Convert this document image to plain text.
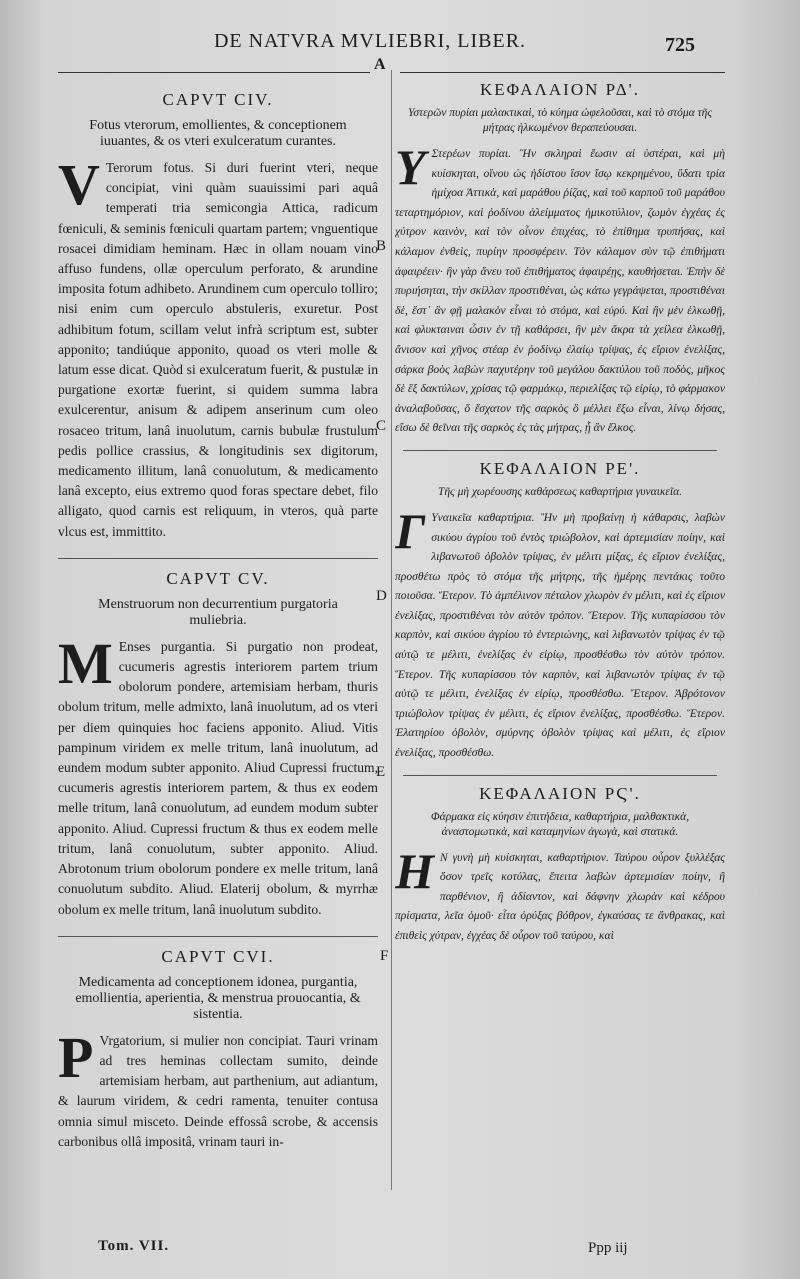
DE NATVRA MVLIEBRI, LIBER.	725
A
B
C
D
E
F
CAPVT CIV.
Fotus vterorum, emollientes, & conceptionem iuuantes, & os vteri exulceratum curantes.
V Terorum fotus. Si duri fuerint vteri, neque concipiat, vini quàm suauissimi pari aquâ temperati tria semicongia Attica, radicum fœniculi, & seminis fœniculi quartam partem; vnguentique rosacei dimidiam heminam. Hæc in ollam nouam vino affuso fundens, ollæ operculum perforato, & arundine imposita fotum adhibeto. Arundinem cum operculo tolliro; nisi enim cum operculo abstuleris, exuretur. Post adhibitum fotum, scillam velut infrà scriptum est, subter apponito; tandiúque apponito, quoad os vteri molle & latum esse dicat. Quòd si exulceratum fuerit, & pustulæ in purgatione exortæ fuerint, si quidem summa labra exulcerentur, anisum & adipem anserinum cum oleo rosaceo tritum, lanâ inuolutum, carnis bubulæ frustulum pedis pollice crassius, & longitudinis sex digitorum, medicamento illitum, lanâ conuolutum, & medicamento lanâ excepto, eius extremo quod foras spectare debet, filo alligato, quod carnis est reliquum, in vteros, quà parte vlcus est, immittito.
CAPVT CV.
Menstruorum non decurrentium purgatoria muliebria.
M Enses purgantia. Si purgatio non prodeat, cucumeris agrestis interiorem partem trium obolorum pondere, artemisiam herbam, thuris obolum tritum, melle admixto, lanâ inuolutum, ad os vteri per diem quinquies hoc faciens apponito. Aliud. Vitis pampinum viridem ex melle tritum, lanâ inuolutum, ad eundem modum subter apponito. Aliud Cupressi fructum, cucumeris agrestis interiorem partem, & thus ex eodem melle tritum, lanâ conuolutum, ad eundem modum subter apponito. Aliud. Cupressi fructum & thus ex eodem melle tritum, lanâ conuolutum, subter apponito. Aliud. Abrotonum trium obolorum pondere ex melle tritum, lanâ conuolutum subdito. Aliud. Elaterij obolum, & myrrhæ obolum ex melle tritum, lanâ inuolutum subdito.
CAPVT CVI.
Medicamenta ad conceptionem idonea, purgantia, emollientia, aperientia, & menstrua prouocantia, & sistentia.
P Vrgatorium, si mulier non concipiat. Tauri vrinam ad tres heminas collectam sumito, deinde artemisiam herbam, aut parthenium, aut adiantum, & laurum viridem, & cedri ramenta, tenuiter contusa omnia simul misceto. Deinde effossâ scrobe, & accensis carbonibus ollâ impositâ, vrinam tauri in-
ΚΕΦΑΛΑΙΟΝ ΡΔ'.
Υστερῶν πυρίαι μαλακτικαὶ, τὸ κύημα ὠφελοῦσαι, καὶ τὸ στόμα τῆς μήτρας ἡλκωμένον θεραπεύουσαι.
Υ Στερέων πυρίαι. Ἢν σκληραὶ ἔωσιν αἱ ὑστέραι, καὶ μὴ κυίσκηται, οἴνου ὡς ἡδίστου ἴσον ἴσῳ κεκρημένου, ὕδατι τρία ἡμίχοα Ἀττικὰ, καὶ μαράθου ῥίζας, καὶ τοῦ καρποῦ τοῦ μαράθου τεταρτημόριον, καὶ ῥοδίνου ἀλείμματος ἡμικοτύλιον, ζωμὸν ἐγχέας ἐς χύτρον καινὸν, καὶ τὸν οἶνον ἐπιχέας, τὸ ἐπίθημα τρυπήσας, καὶ κάλαμον ἐνθεὶς, πυρίην προσφέρειν. Τὸν κάλαμον σὺν τῷ ἐπιθήματι ἀφαιρέειν· ἢν γὰρ ἄνευ τοῦ ἐπιθήματος ἀφαιρέῃς, καυθήσεται. Ἐπὴν δὲ πυριήσηται, τὴν σκίλλαν προστιθέναι, ὡς κάτω γεγράψεται, προστιθέναι δὲ, ἔστ᾽ ἂν φῇ μαλακὸν εἶναι τὸ στόμα, καὶ εὐρύ. Καὶ ἢν μὲν ἑλκωθῇ, καὶ φλυκταιναι ὦσιν ἐν τῇ καθάρσει, ἢν μὲν ἄκρα τὰ χείλεα ἑλκωθῇ, ἄνισον καὶ χῆνος στέαρ ἐν ῥοδίνῳ ἐλαίῳ τρίψας, ἐς εἴριον ἐνελίξας, σάρκα βοὸς λαβὼν παχυτέρην τοῦ μεγάλου δακτύλου τοῦ ποδὸς, μῆκος δὲ ἓξ δακτύλων, χρίσας τῷ φαρμάκῳ, περιελίξας τῷ εἰρίῳ, τὸ φάρμακον ἀναλαβοῦσας, ὅ ἔσχατον τῆς σαρκὸς ὃ μέλλει ἔξω εἶναι, λίνῳ δήσας, εἴσω δὲ θεῖναι τῆς σαρκὸς ἐς τὰς μήτρας, ᾗ ἂν ἕλκος.
ΚΕΦΑΛΑΙΟΝ ΡΕ'.
Τῆς μὴ χωρέουσης καθάρσεως καθαρτήρια γυναικεῖα.
Γ Υναικεῖα καθαρτήρια. Ἢν μὴ προβαίνῃ ἡ κάθαρσις, λαβὼν σικύου ἀγρίου τοῦ ἐντὸς τριώβολον, καὶ ἀρτεμισίαν ποίην, καὶ λιβανωτοῦ ὀβολὸν τρίψας, ἐν μέλιτι μίξας, ἐς εἴριον ἐνελίξας, προσθέτω πρὸς τὸ στόμα τῆς μήτρης, τῆς ἡμέρης πεντάκις τοῦτο ποιοῦσα. Ἕτερον. Τὸ ἀμπέλινον πέταλον χλωρὸν ἐν μέλιτι, καὶ ἐς εἴριον ἐνελίξας, προστιθέναι τὸν αὐτὸν τρόπον. Ἕτερον. Τῆς κυπαρίσσου τὸν καρπὸν, καὶ σικύου ἀγρίου τὸ ἐντεριώνης, καὶ λιβανωτὸν τρίψας ἐν τῷ αὐτῷ τε μέλιτι, ἐνελίξας ἐν εἰρίῳ, προσθέσθω τὸν αὐτὸν τρόπον. Ἕτερον. Τῆς κυπαρίσσου τὸν καρπὸν, καὶ λιβανωτὸν τρίψας ἐν τῷ αὐτῷ τε μέλιτι, ἐνελίξας ἐν εἰρίῳ, προσθέσθω. Ἕτερον. Ἀβρότονον τριώβολον τρίψας ἐν μέλιτι, ἐς εἴριον ἐνελίξας, προσθέσθω. Ἕτερον. Ἐλατηρίου ὀβολὸν, σμύρνης ὀβολὸν τρίψας καὶ μέλιτι, ἐς εἴριον ἐνελίξας, προσθέσθω.
ΚΕΦΑΛΑΙΟΝ ΡϚ'.
Φάρμακα εἰς κύησιν ἐπιτήδεια, καθαρτήρια, μαλθακτικὰ, ἀναστομωτικὰ, καὶ καταμηνίων ἀγωγὰ, καὶ στατικά.
Η Ν γυνὴ μὴ κυίσκηται, καθαρτήριον. Ταύρου οὖρον ξυλλέξας ὅσον τρεῖς κοτύλας, ἔπειτα λαβὼν ἀρτεμισίαν ποίην, ἢ παρθένιον, ἢ ἀδίαντον, καὶ δάφνην χλωρὰν καὶ κέδρου πρίσματα, λεῖα ὁμοῦ· εἶτα ὀρύξας βόθρον, ἐγκαύσας τε ἄνθρακας, καὶ ἐπιθεὶς χύτραν, ἐγχέας δὲ οὖρον τοῦ ταύρου, καὶ
Tom. VII.	Ppp iij
